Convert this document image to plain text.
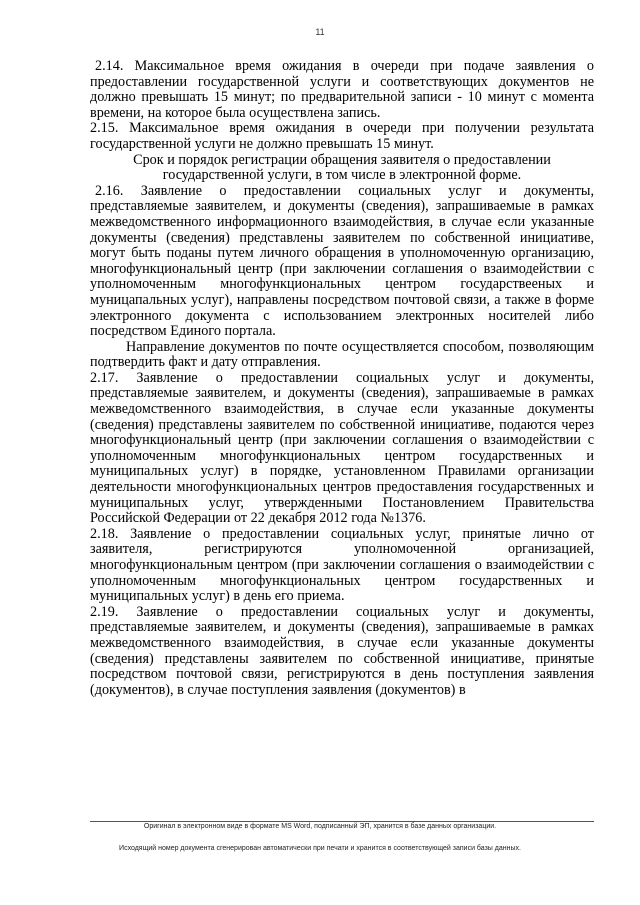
11

2.14. Максимальное время ожидания в очереди при подаче заявления о предоставлении государственной услуги и соответствующих документов не должно превышать 15 минут; по предварительной записи - 10 минут с момента времени, на которое была осуществлена запись.

2.15. Максимальное время ожидания в очереди при получении результата государственной услуги не должно превышать 15 минут.

Срок и порядок регистрации обращения заявителя о предоставлении государственной услуги, в том числе в электронной форме.

2.16. Заявление о предоставлении социальных услуг и документы, представляемые заявителем, и документы (сведения), запрашиваемые в рамках межведомственного информационного взаимодействия, в случае если указанные документы (сведения) представлены заявителем по собственной инициативе, могут быть поданы путем личного обращения в уполномоченную организацию, многофункциональный центр (при заключении соглашения о взаимодействии с уполномоченным многофункциональных центром государствееных и муницапальных услуг), направлены посредством почтовой связи, а также в форме электронного документа с использованием электронных носителей либо посредством Единого портала.

Направление документов по почте осуществляется способом, позволяющим подтвердить факт и дату отправления.

2.17. Заявление о предоставлении социальных услуг и документы, представляемые заявителем, и документы (сведения), запрашиваемые в рамках межведомственного взаимодействия, в случае если указанные документы (сведения) представлены заявителем по собственной инициативе, подаются через многофункциональный центр (при заключении соглашения о взаимодействии с уполномоченным многофункциональных центром государственных и муниципальных услуг) в порядке, установленном Правилами организации деятельности многофункциональных центров предоставления государственных и муниципальных услуг, утвержденными Постановлением Правительства Российской Федерации от 22 декабря 2012 года №1376.

2.18. Заявление о предоставлении социальных услуг, принятые лично от заявителя, регистрируются уполномоченной организацией, многофункциональным центром (при заключении соглашения о взаимодействии с уполномоченным многофункциональных центром государственных и муниципальных услуг) в день его приема.

2.19. Заявление о предоставлении социальных услуг и документы, представляемые заявителем, и документы (сведения), запрашиваемые в рамках межведомственного взаимодействия, в случае если указанные документы (сведения) представлены заявителем по собственной инициативе, принятые посредством почтовой связи, регистрируются в день поступления заявления (документов), в случае поступления заявления (документов) в

Оригинал в электронном виде в формате MS Word, подписанный ЭП, хранится в базе данных организации.
Исходящий номер документа сгенерирован автоматически при печати и хранится в соответствующей записи базы данных.
